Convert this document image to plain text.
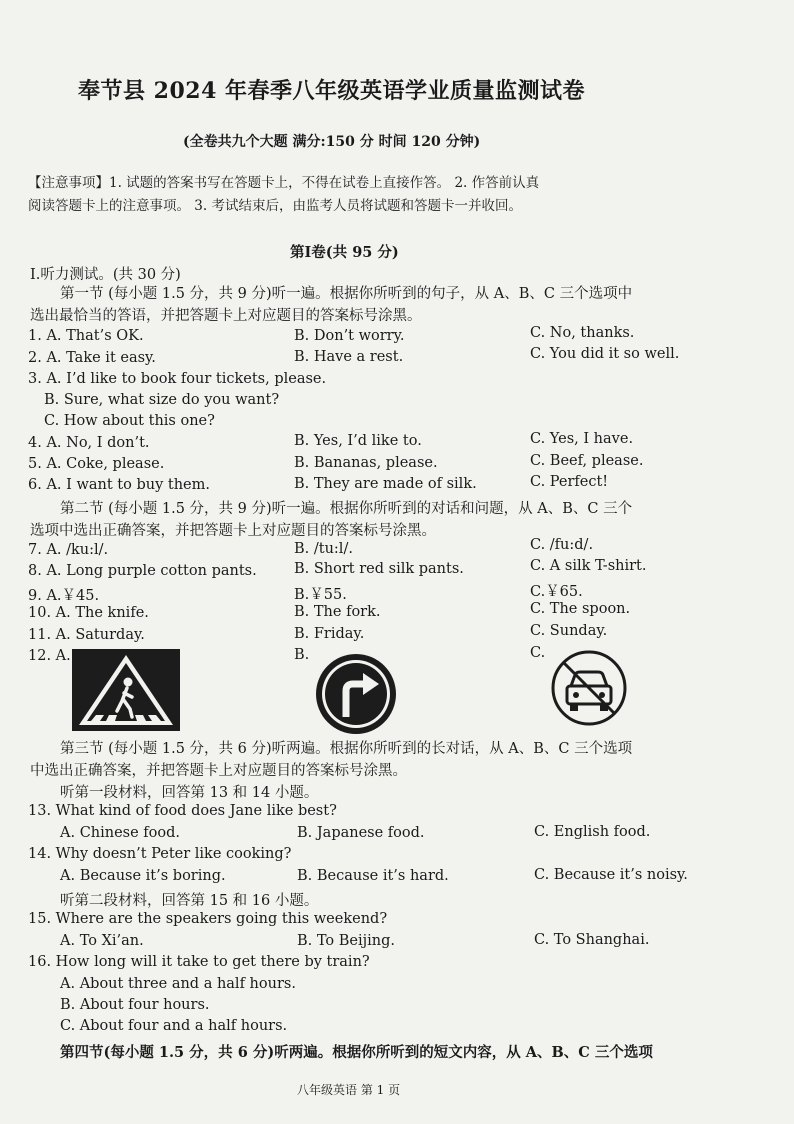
奉节县 2024 年春季八年级英语学业质量监测试卷
(全卷共九个大题 满分:150 分 时间 120 分钟)
【注意事项】1. 试题的答案书写在答题卡上，不得在试卷上直接作答。 2. 作答前认真
阅读答题卡上的注意事项。 3. 考试结束后，由监考人员将试题和答题卡一并收回。
第Ⅰ卷(共 95 分)
Ⅰ.听力测试。(共 30 分)
第一节 (每小题 1.5 分，共 9 分)听一遍。根据你所听到的句子，从 A、B、C 三个选项中
选出最恰当的答语，并把答题卡上对应题目的答案标号涂黑。
1. A. That’s OK.	B. Don’t worry.	C. No, thanks.
2. A. Take it easy.	B. Have a rest.	C. You did it so well.
3. A. I’d like to book four tickets, please.
B. Sure, what size do you want?
C. How about this one?
4. A. No, I don’t.	B. Yes, I’d like to.	C. Yes, I have.
5. A. Coke, please.	B. Bananas, please.	C. Beef, please.
6. A. I want to buy them.	B. They are made of silk.	C. Perfect!
第二节 (每小题 1.5 分，共 9 分)听一遍。根据你所听到的对话和问题，从 A、B、C 三个
选项中选出正确答案，并把答题卡上对应题目的答案标号涂黑。
7. A. /ku:l/.	B. /tu:l/.	C. /fu:d/.
8. A. Long purple cotton pants.	B. Short red silk pants.	C. A silk T-shirt.
9. A.￥45.	B.￥55.	C.￥65.
10. A. The knife.	B. The fork.	C. The spoon.
11. A. Saturday.	B. Friday.	C. Sunday.
12. A.	B.	C.
第三节 (每小题 1.5 分，共 6 分)听两遍。根据你所听到的长对话，从 A、B、C 三个选项
中选出正确答案，并把答题卡上对应题目的答案标号涂黑。
听第一段材料，回答第 13 和 14 小题。
13. What kind of food does Jane like best?
A. Chinese food.	B. Japanese food.	C. English food.
14. Why doesn’t Peter like cooking?
A. Because it’s boring.	B. Because it’s hard.	C. Because it’s noisy.
听第二段材料，回答第 15 和 16 小题。
15. Where are the speakers going this weekend?
A. To Xi’an.	B. To Beijing.	C. To Shanghai.
16. How long will it take to get there by train?
A. About three and a half hours.
B. About four hours.
C. About four and a half hours.
第四节(每小题 1.5 分，共 6 分)听两遍。根据你所听到的短文内容，从 A、B、C 三个选项
八年级英语 第 1 页
